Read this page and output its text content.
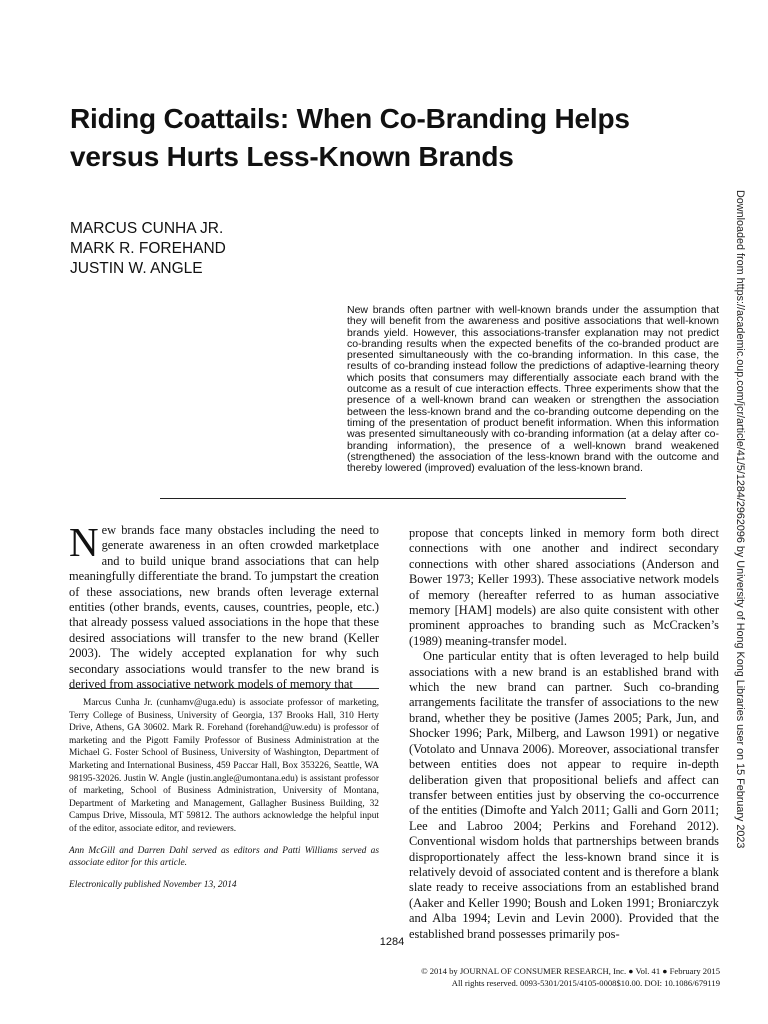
Riding Coattails: When Co-Branding Helps
versus Hurts Less-Known Brands
MARCUS CUNHA JR.
MARK R. FOREHAND
JUSTIN W. ANGLE

New brands often partner with well-known brands under the assumption that they will benefit from the awareness and positive associations that well-known brands yield. However, this associations-transfer explanation may not predict co-branding results when the expected benefits of the co-branded product are presented simultaneously with the co-branding information. In this case, the results of co-branding instead follow the predictions of adaptive-learning theory which posits that consumers may differentially associate each brand with the outcome as a result of cue interaction effects. Three experiments show that the presence of a well-known brand can weaken or strengthen the association between the less-known brand and the co-branding outcome depending on the timing of the presentation of product benefit information. When this information was presented simultaneously with co-branding information (at a delay after co-branding information), the presence of a well-known brand weakened (strengthened) the association of the less-known brand with the outcome and thereby lowered (improved) evaluation of the less-known brand.

N ew brands face many obstacles including the need to generate awareness in an often crowded marketplace and to build unique brand associations that can help meaningfully differentiate the brand. To jumpstart the creation of these associations, new brands often leverage external entities (other brands, events, causes, countries, people, etc.) that already possess valued associations in the hope that these desired associations will transfer to the new brand (Keller 2003). The widely accepted explanation for why such secondary associations would transfer to the new brand is derived from associative network models of memory that

Marcus Cunha Jr. (cunhamv@uga.edu) is associate professor of marketing, Terry College of Business, University of Georgia, 137 Brooks Hall, 310 Herty Drive, Athens, GA 30602. Mark R. Forehand (forehand@uw.edu) is professor of marketing and the Pigott Family Professor of Business Administration at the Michael G. Foster School of Business, University of Washington, Department of Marketing and International Business, 459 Paccar Hall, Box 353226, Seattle, WA 98195-32026. Justin W. Angle (justin.angle@umontana.edu) is assistant professor of marketing, School of Business Administration, University of Montana, Department of Marketing and Management, Gallagher Business Building, 32 Campus Drive, Missoula, MT 59812. The authors acknowledge the helpful input of the editor, associate editor, and reviewers.

Ann McGill and Darren Dahl served as editors and Patti Williams served as associate editor for this article.

Electronically published November 13, 2014

propose that concepts linked in memory form both direct connections with one another and indirect secondary connections with other shared associations (Anderson and Bower 1973; Keller 1993). These associative network models of memory (hereafter referred to as human associative memory [HAM] models) are also quite consistent with other prominent approaches to branding such as McCracken’s (1989) meaning-transfer model.

One particular entity that is often leveraged to help build associations with a new brand is an established brand with which the new brand can partner. Such co-branding arrangements facilitate the transfer of associations to the new brand, whether they be positive (James 2005; Park, Jun, and Shocker 1996; Park, Milberg, and Lawson 1991) or negative (Votolato and Unnava 2006). Moreover, associational transfer between entities does not appear to require in-depth deliberation given that propositional beliefs and affect can transfer between entities just by observing the co-occurrence of the entities (Dimofte and Yalch 2011; Galli and Gorn 2011; Lee and Labroo 2004; Perkins and Forehand 2012). Conventional wisdom holds that partnerships between brands disproportionately affect the less-known brand since it is relatively devoid of associated content and is therefore a blank slate ready to receive associations from an established brand (Aaker and Keller 1990; Boush and Loken 1991; Broniarczyk and Alba 1994; Levin and Levin 2000). Provided that the established brand possesses primarily pos-

1284
© 2014 by JOURNAL OF CONSUMER RESEARCH, Inc. ● Vol. 41 ● February 2015
All rights reserved. 0093-5301/2015/4105-0008$10.00. DOI: 10.1086/679119
Downloaded from https://academic.oup.com/jcr/article/41/5/1284/2962096 by University of Hong Kong Libraries user on 15 February 2023
